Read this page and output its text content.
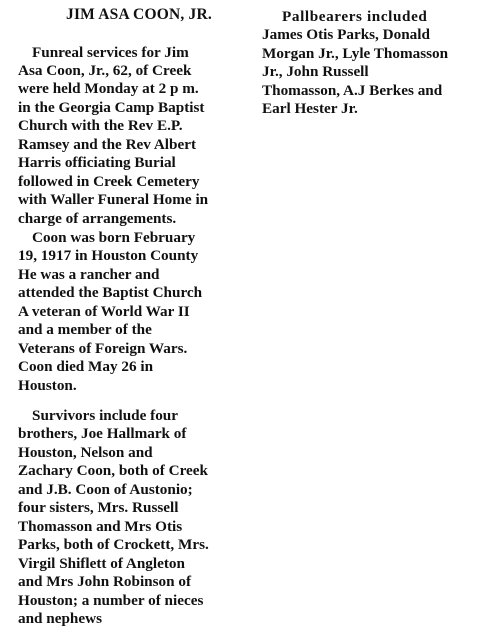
JIM ASA COON, JR.
Funreal services for Jim
Asa Coon, Jr., 62, of Creek
were held Monday at 2 p m.
in the Georgia Camp Baptist
Church with the Rev E.P.
Ramsey and the Rev Albert
Harris officiating Burial
followed in Creek Cemetery
with Waller Funeral Home in
charge of arrangements.
Coon was born February
19, 1917 in Houston County
He was a rancher and
attended the Baptist Church
A veteran of World War II
and a member of the
Veterans of Foreign Wars.
Coon died May 26 in
Houston.
Survivors include four
brothers, Joe Hallmark of
Houston, Nelson and
Zachary Coon, both of Creek
and J.B. Coon of Austonio;
four sisters, Mrs. Russell
Thomasson and Mrs Otis
Parks, both of Crockett, Mrs.
Virgil Shiflett of Angleton
and Mrs John Robinson of
Houston; a number of nieces
and nephews
Pallbearers included
James Otis Parks, Donald
Morgan Jr., Lyle Thomasson
Jr., John Russell
Thomasson, A.J Berkes and
Earl Hester Jr.
